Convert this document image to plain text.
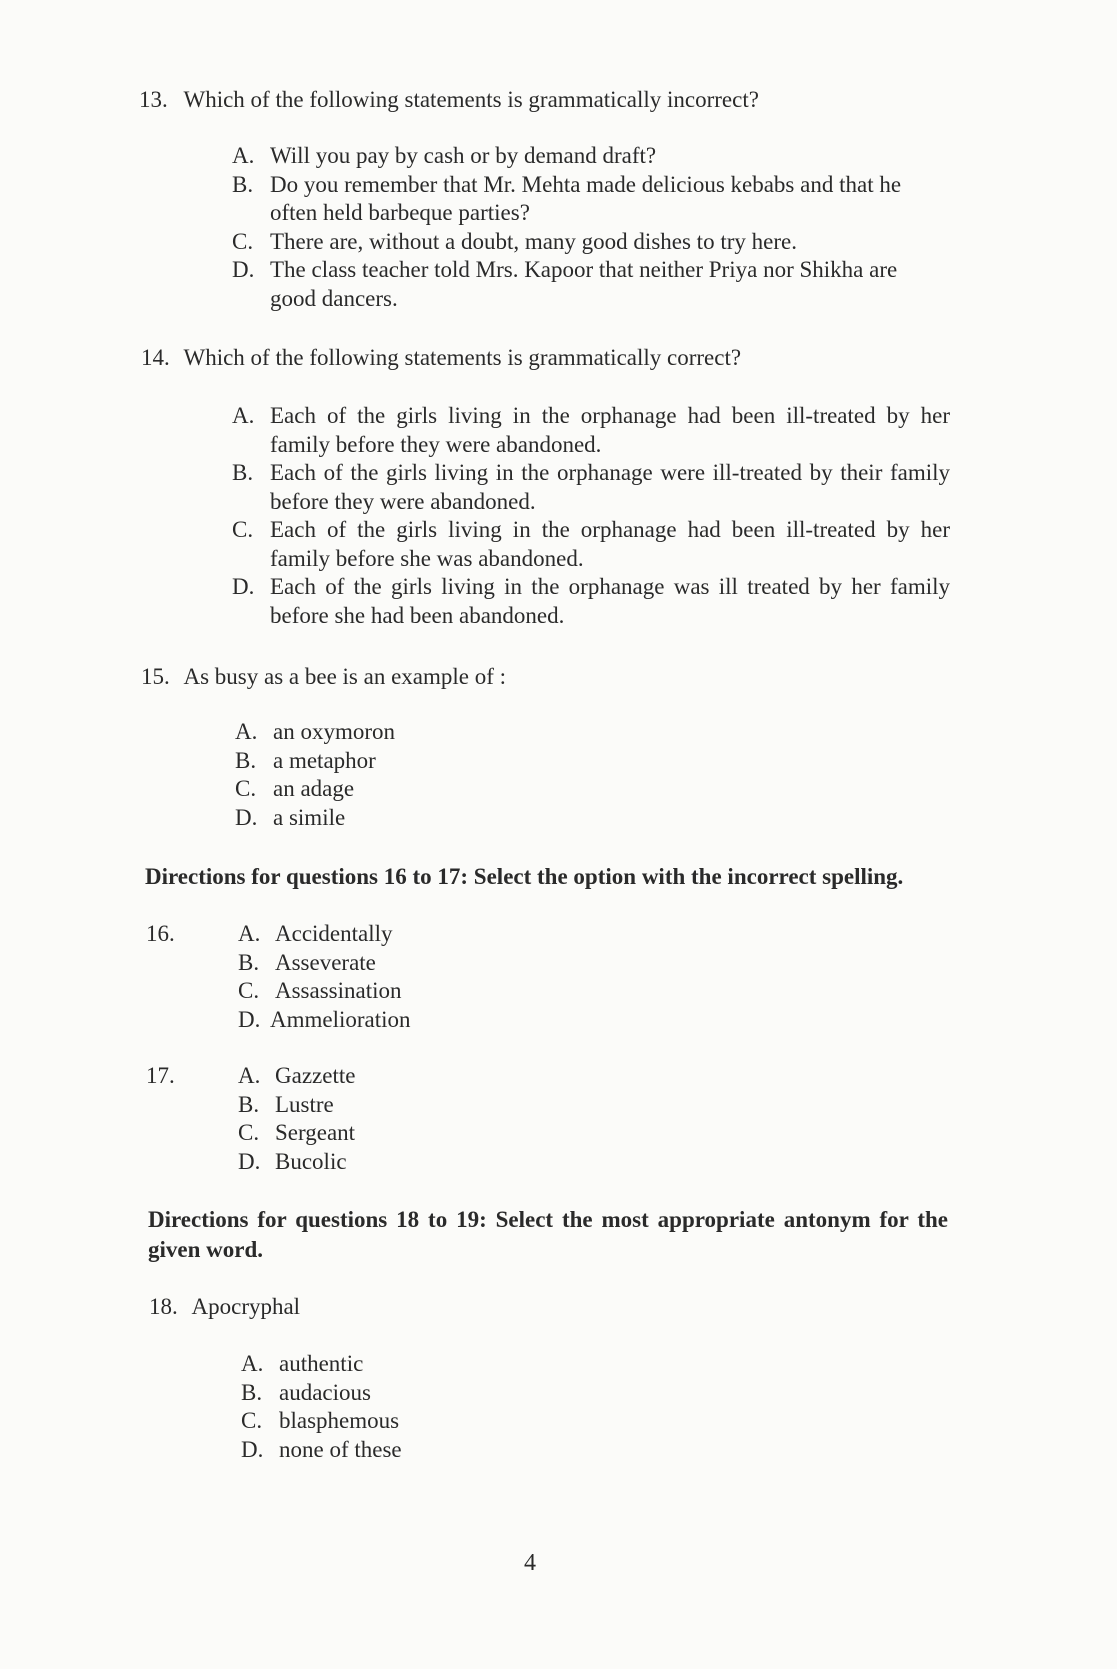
13. Which of the following statements is grammatically incorrect?
A. Will you pay by cash or by demand draft?
B. Do you remember that Mr. Mehta made delicious kebabs and that he often held barbeque parties?
C. There are, without a doubt, many good dishes to try here.
D. The class teacher told Mrs. Kapoor that neither Priya nor Shikha are good dancers.
14. Which of the following statements is grammatically correct?
A. Each of the girls living in the orphanage had been ill-treated by her family before they were abandoned.
B. Each of the girls living in the orphanage were ill-treated by their family before they were abandoned.
C. Each of the girls living in the orphanage had been ill-treated by her family before she was abandoned.
D. Each of the girls living in the orphanage was ill treated by her family before she had been abandoned.
15. As busy as a bee is an example of :
A. an oxymoron
B. a metaphor
C. an adage
D. a simile
Directions for questions 16 to 17: Select the option with the incorrect spelling.
16.	A. Accidentally
B. Asseverate
C. Assassination
D. Ammelioration
17.	A. Gazzette
B. Lustre
C. Sergeant
D. Bucolic
Directions for questions 18 to 19: Select the most appropriate antonym for the given word.
18. Apocryphal
A. authentic
B. audacious
C. blasphemous
D. none of these
4
